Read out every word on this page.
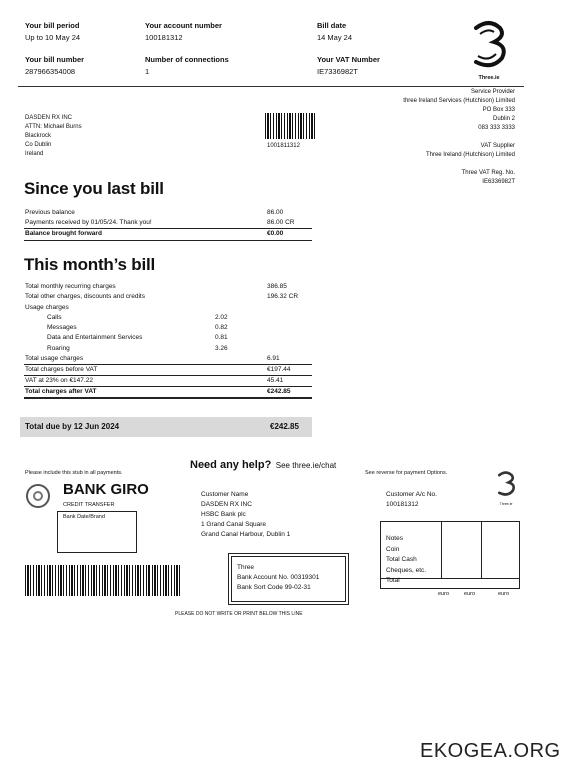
Your bill period
Up to 10 May 24
Your account number
100181312
Bill date
14 May 24
Your bill number
287966354008
Number of connections
1
Your VAT Number
IE7336982T
Three.ie
DASDEN RX INC
ATTN: Michael Burns
Blackrock
Co Dublin
Ireland
1001811312
Service Provider
three Ireland Services (Hutchison) Limited
PO Box 333
Dublin 2
083 333 3333
VAT Supplier
Three Ireland (Hutchison) Limited
Three VAT Reg. No.
IE6336982T
Since you last bill
Previous balance	86.00
Payments received by 01/05/24. Thank you!	86.00 CR
Balance brought forward	€0.00
This month’s bill
Total monthly recurring charges	386.85
Total other charges, discounts and credits	196.32 CR
Usage charges
Calls	2.02
Messages	0.82
Data and Entertainment Services	0.81
Roaring	3.26
Total usage charges	6.91
Total charges before VAT	€197.44
VAT at 23% on €147.22	45.41
Total charges after VAT	€242.85
Total due by 12 Jun 2024	€242.85
Need any help? See three.ie/chat
Please include this stub in all payments.	See reverse for payment Options.
BANK GIRO
CREDIT TRANSFER
Bank Date/Brand
Customer Name
DASDEN RX INC
HSBC Bank plc
1 Grand Canal Square
Grand Canal Harbour, Dublin 1
Customer A/c No.
100181312	Three.ie
Notes
Coin
Total Cash
Cheques, etc.
Total
euro	euro	euro
Three
Bank Account No. 00319301
Bank Sort Code 99-02-31
PLEASE DO NOT WRITE OR PRINT BELOW THIS LINE
EKOGEA.ORG
